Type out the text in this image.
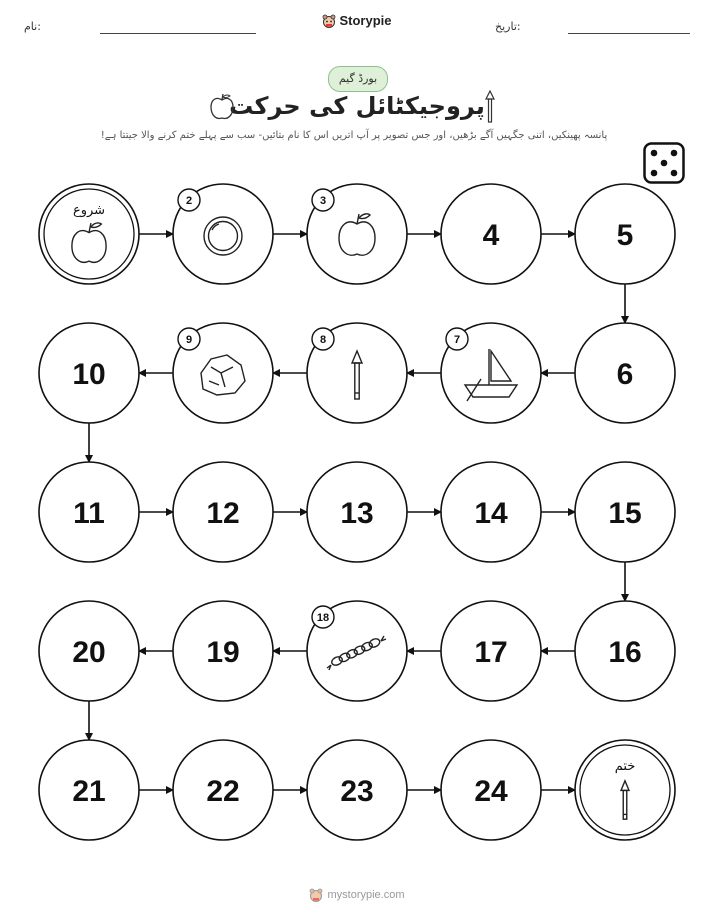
نام:	Storypie	تاریخ:
بورڈ گیم
پروجیکٹائل کی حرکت
پانسہ پھینکیں، اتنی جگہیں آگے بڑھیں، اور جس تصویر پر آپ اتریں اس کا نام بتائیں- سب سے پہلے ختم کرنے والا جیتتا ہے!
شروع
2	3
4	5
6
7
8
9
10
11	12	13	14	15
16
17
18
19
20
21	22	23	24
ختم
mystorypie.com
